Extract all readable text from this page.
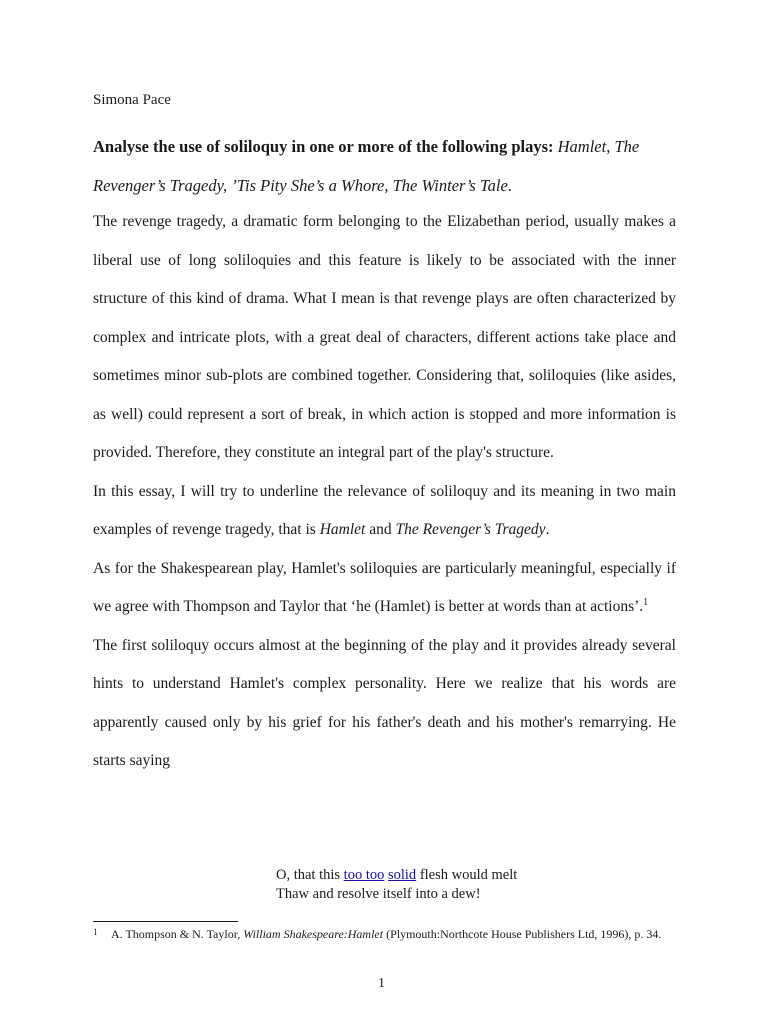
Simona Pace
Analyse the use of soliloquy in one or more of the following plays: Hamlet, The Revenger’s Tragedy, ’Tis Pity She’s a Whore, The Winter’s Tale.

The revenge tragedy, a dramatic form belonging to the Elizabethan period, usually makes a liberal use of long soliloquies and this feature is likely to be associated with the inner structure of this kind of drama. What I mean is that revenge plays are often characterized by complex and intricate plots, with a great deal of characters, different actions take place and sometimes minor sub-plots are combined together. Considering that, soliloquies (like asides, as well) could represent a sort of break, in which action is stopped and more information is provided. Therefore, they constitute an integral part of the play's structure.

In this essay, I will try to underline the relevance of soliloquy and its meaning in two main examples of revenge tragedy, that is Hamlet and The Revenger’s Tragedy.

As for the Shakespearean play, Hamlet's soliloquies are particularly meaningful, especially if we agree with Thompson and Taylor that ‘he (Hamlet) is better at words than at actions’.$^1$

The first soliloquy occurs almost at the beginning of the play and it provides already several hints to understand Hamlet's complex personality. Here we realize that his words are apparently caused only by his grief for his father's death and his mother's remarrying. He starts saying

O, that this too too solid flesh would melt
Thaw and resolve itself into a dew!
1	A. Thompson & N. Taylor, William Shakespeare:Hamlet (Plymouth:Northcote House Publishers Ltd, 1996), p. 34.
1
